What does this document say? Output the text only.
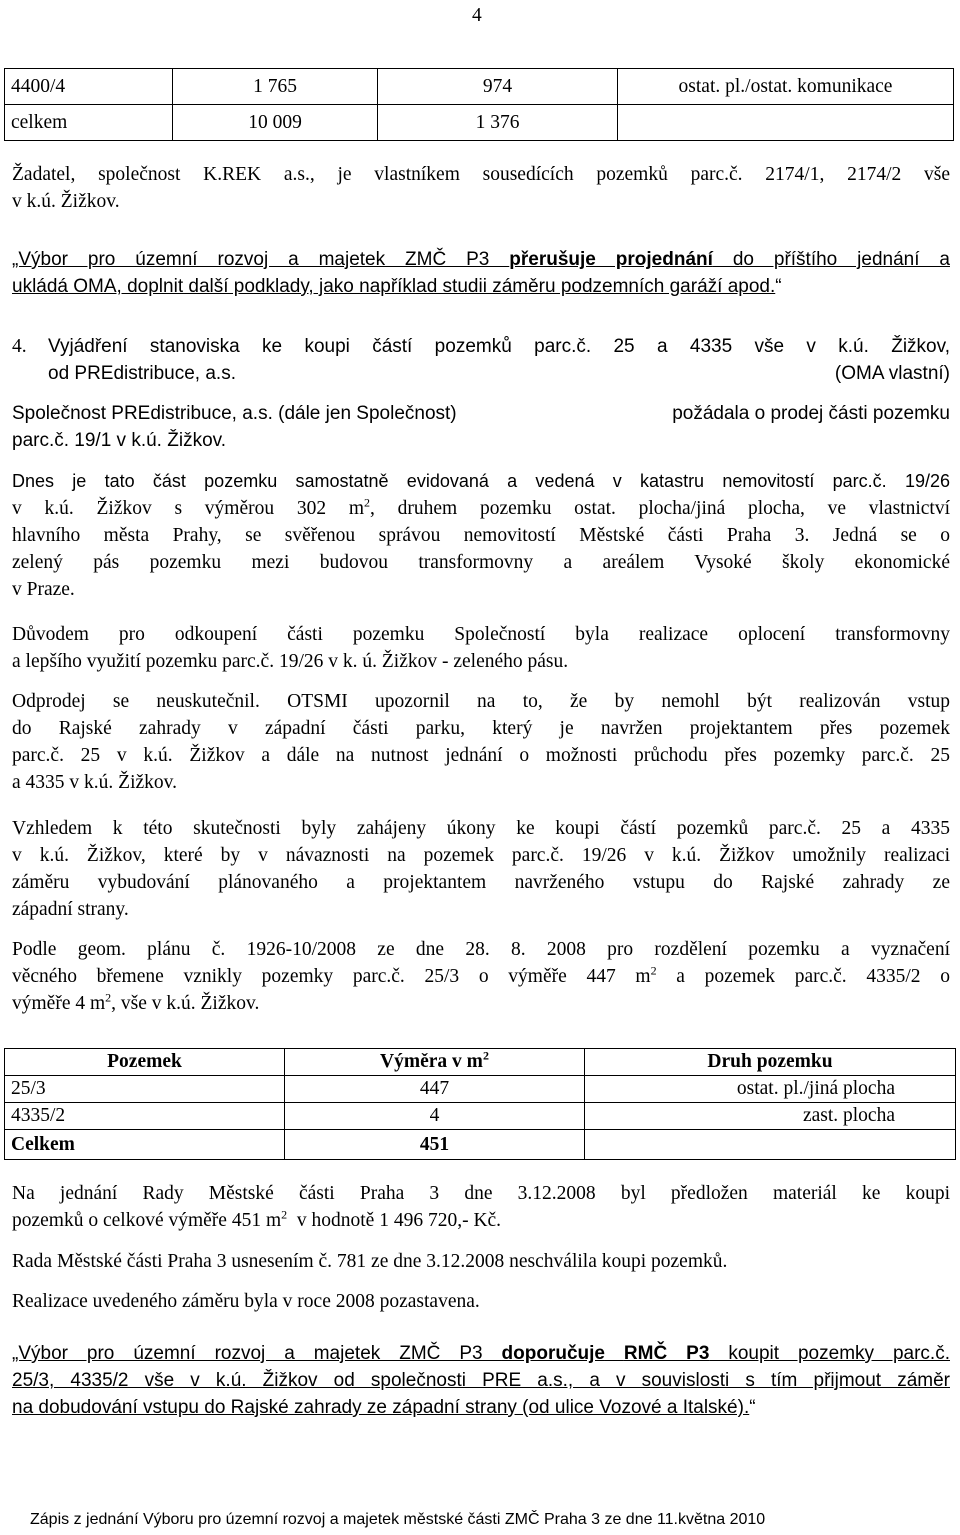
4
4400/4	1 765	974	ostat. pl./ostat. komunikace
celkem	10 009	1 376	
Žadatel, společnost K.REK a.s., je vlastníkem sousedících pozemků parc.č. 2174/1, 2174/2 vše
v k.ú. Žižkov.
„Výbor pro územní rozvoj a majetek ZMČ P3 přerušuje projednání do příštího jednání a
ukládá OMA, doplnit další podklady, jako například studii záměru podzemních garáží apod.“
4.	Vyjádření stanoviska ke koupi částí pozemků parc.č. 25 a 4335 vše v k.ú. Žižkov,
od PREdistribuce, a.s.	(OMA vlastní)
Společnost PREdistribuce, a.s. (dále jen Společnost)	požádala o prodej části pozemku
parc.č. 19/1 v k.ú. Žižkov.
Dnes je tato část pozemku samostatně evidovaná a vedená v katastru nemovitostí parc.č. 19/26
v k.ú. Žižkov s výměrou 302 $m^2$, druhem pozemku ostat. plocha/jiná plocha, ve vlastnictví
hlavního města Prahy, se svěřenou správou nemovitostí Městské části Praha 3. Jedná se o
zelený pás pozemku mezi budovou transformovny a areálem Vysoké školy ekonomické
v Praze.
Důvodem pro odkoupení části pozemku Společností byla realizace oplocení transformovny
a lepšího využití pozemku parc.č. 19/26 v k. ú. Žižkov - zeleného pásu.
Odprodej se neuskutečnil. OTSMI upozornil na to, že by nemohl být realizován vstup
do Rajské zahrady v západní části parku, který je navržen projektantem přes pozemek
parc.č. 25 v k.ú. Žižkov a dále na nutnost jednání o možnosti průchodu přes pozemky parc.č. 25
a 4335 v k.ú. Žižkov.
Vzhledem k této skutečnosti byly zahájeny úkony ke koupi částí pozemků parc.č. 25 a 4335
v k.ú. Žižkov, které by v návaznosti na pozemek parc.č. 19/26 v k.ú. Žižkov umožnily realizaci
záměru vybudování plánovaného a projektantem navrženého vstupu do Rajské zahrady ze
západní strany.
Podle geom. plánu č. 1926-10/2008 ze dne 28. 8. 2008 pro rozdělení pozemku a vyznačení
věcného břemene vznikly pozemky parc.č. 25/3 o výměře 447 $m^2$ a pozemek parc.č. 4335/2 o
výměře 4 $m^2$, vše v k.ú. Žižkov.
Pozemek	Výměra v $m^2$	Druh pozemku
25/3	447	ostat. pl./jiná plocha
4335/2	4	zast. plocha
Celkem	451	
Na jednání Rady Městské části Praha 3 dne 3.12.2008 byl předložen materiál ke koupi
pozemků o celkové výměře 451 $m^2$  v hodnotě 1 496 720,- Kč.
Rada Městské části Praha 3 usnesením č. 781 ze dne 3.12.2008 neschválila koupi pozemků.
Realizace uvedeného záměru byla v roce 2008 pozastavena.
„Výbor pro územní rozvoj a majetek ZMČ P3 doporučuje RMČ P3 koupit pozemky parc.č.
25/3, 4335/2 vše v k.ú. Žižkov od společnosti PRE a.s., a v souvislosti s tím přijmout záměr
na dobudování vstupu do Rajské zahrady ze západní strany (od ulice Vozové a Italské).“
Zápis z jednání Výboru pro územní rozvoj a majetek městské části ZMČ Praha 3 ze dne 11.května 2010
